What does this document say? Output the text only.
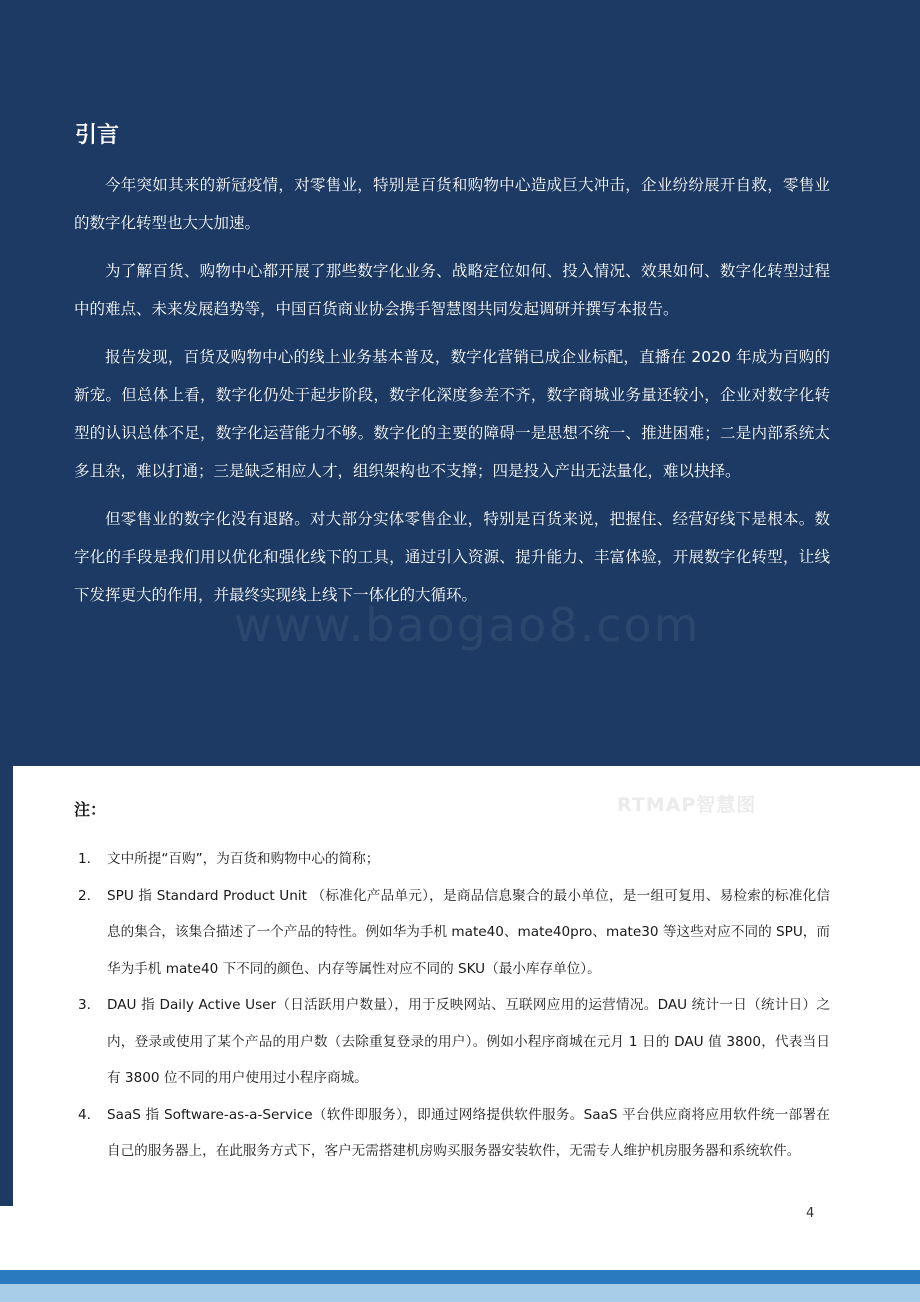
引言

今年突如其来的新冠疫情，对零售业，特别是百货和购物中心造成巨大冲击，企业纷纷展开自救，零售业的数字化转型也大大加速。

为了解百货、购物中心都开展了那些数字化业务、战略定位如何、投入情况、效果如何、数字化转型过程中的难点、未来发展趋势等，中国百货商业协会携手智慧图共同发起调研并撰写本报告。

报告发现，百货及购物中心的线上业务基本普及，数字化营销已成企业标配，直播在 2020 年成为百购的新宠。但总体上看，数字化仍处于起步阶段，数字化深度参差不齐，数字商城业务量还较小，企业对数字化转型的认识总体不足，数字化运营能力不够。数字化的主要的障碍一是思想不统一、推进困难；二是内部系统太多且杂，难以打通；三是缺乏相应人才，组织架构也不支撑；四是投入产出无法量化，难以抉择。

但零售业的数字化没有退路。对大部分实体零售企业，特别是百货来说，把握住、经营好线下是根本。数字化的手段是我们用以优化和强化线下的工具，通过引入资源、提升能力、丰富体验，开展数字化转型，让线下发挥更大的作用，并最终实现线上线下一体化的大循环。

RTMAP智慧图
注：
1.	文中所提“百购”，为百货和购物中心的简称；
2.	SPU 指 Standard Product Unit （标准化产品单元），是商品信息聚合的最小单位，是一组可复用、易检索的标准化信息的集合，该集合描述了一个产品的特性。例如华为手机 mate40、mate40pro、mate30 等这些对应不同的 SPU，而华为手机 mate40 下不同的颜色、内存等属性对应不同的 SKU（最小库存单位）。
3.	DAU 指 Daily Active User（日活跃用户数量），用于反映网站、互联网应用的运营情况。DAU 统计一日（统计日）之内，登录或使用了某个产品的用户数（去除重复登录的用户）。例如小程序商城在元月 1 日的 DAU 值 3800，代表当日有 3800 位不同的用户使用过小程序商城。
4.	SaaS 指 Software-as-a-Service（软件即服务），即通过网络提供软件服务。SaaS 平台供应商将应用软件统一部署在自己的服务器上，在此服务方式下，客户无需搭建机房购买服务器安装软件，无需专人维护机房服务器和系统软件。
4
